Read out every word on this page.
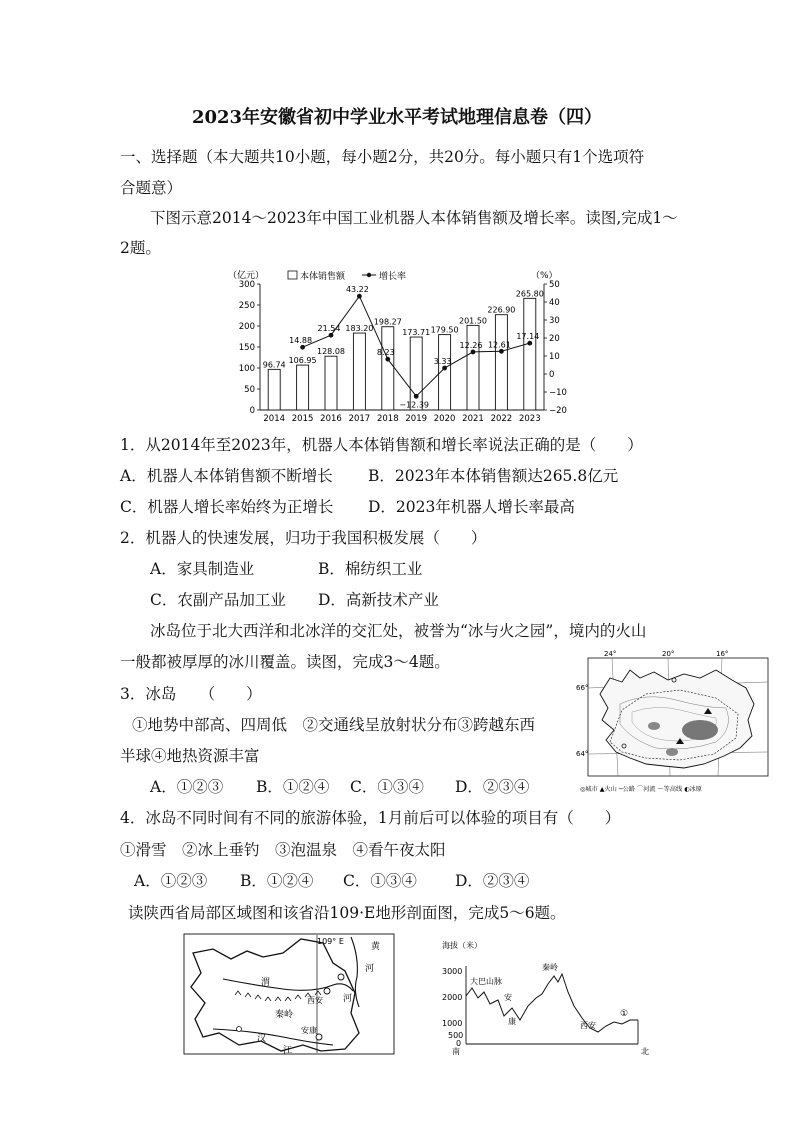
2023年安徽省初中学业水平考试地理信息卷（四）
一、选择题（本大题共10小题，每小题2分，共20分。每小题只有1个选项符
合题意）
下图示意2014～2023年中国工业机器人本体销售额及增长率。读图,完成1～
2题。
（亿元）	（%）
本体销售额	增长率
300
250
200
150
100
50
0
50
40
30
20
10
0
−10
−20
2014 2015 2016 2017 2018 2019 2020 2021 2022 2023
96.74 106.95
128.08
183.20
198.27
173.71 179.50
201.50
226.90
265.80
14.88
21.54
43.22
8.23
−12.39
3.33
12.26 12.61
17.14
1．从2014年至2023年，机器人本体销售额和增长率说法正确的是（　　）
A．机器人本体销售额不断增长 B．2023年本体销售额达265.8亿元
C．机器人增长率始终为正增长 D．2023年机器人增长率最高
2．机器人的快速发展，归功于我国积极发展（　　）
A．家具制造业	B．棉纺织工业
C．农副产品加工业 D．高新技术产业
冰岛位于北大西洋和北冰洋的交汇处，被誉为“冰与火之园”，境内的火山
一般都被厚厚的冰川覆盖。读图，完成3～4题。
3．冰岛　　（　　）
①地势中部高、四周低　②交通线呈放射状分布③跨越东西
半球④地热资源丰富
A．①②③ B．①②④ C．①③④ D．②③④
24°	20°	16°
66°
64°
◎城市 ▲火山 ─公路 ⌒河流 ～等高线 ◐冰原
4．冰岛不同时间有不同的旅游体验，1月前后可以体验的项目有（　　）
①滑雪　②冰上垂钓　③泡温泉　④看午夜太阳
A．①②③ B．①②④ C．①③④ D．②③④
读陕西省局部区域图和该省沿109·E地形剖面图，完成5～6题。
109° E
黄
河
渭
河
秦岭
西安
汉
江
安康
海拔（米）
3000
2000
1000
500
0
大巴山脉
秦岭
安
康	西安
①
南	北
